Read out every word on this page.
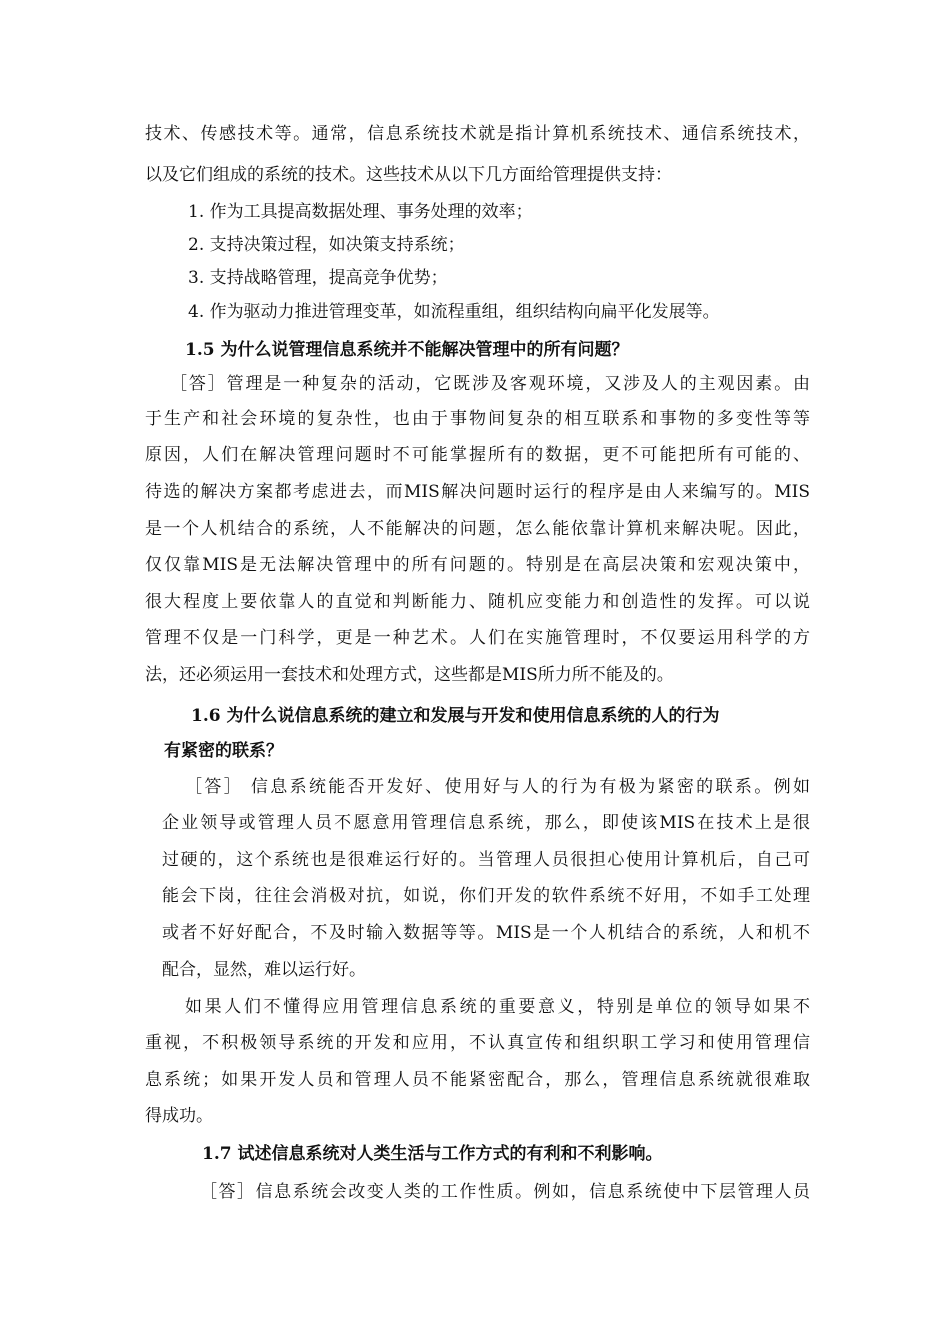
技术、传感技术等。通常，信息系统技术就是指计算机系统技术、通信系统技术，
以及它们组成的系统的技术。这些技术从以下几方面给管理提供支持：
1. 作为工具提高数据处理、事务处理的效率；
2. 支持决策过程，如决策支持系统；
3. 支持战略管理，提高竞争优势；
4. 作为驱动力推进管理变革，如流程重组，组织结构向扁平化发展等。
1.5 为什么说管理信息系统并不能解决管理中的所有问题？
［答］管理是一种复杂的活动，它既涉及客观环境，又涉及人的主观因素。由
于生产和社会环境的复杂性，也由于事物间复杂的相互联系和事物的多变性等等
原因，人们在解决管理问题时不可能掌握所有的数据，更不可能把所有可能的、
待选的解决方案都考虑进去，而MIS解决问题时运行的程序是由人来编写的。MIS
是一个人机结合的系统，人不能解决的问题，怎么能依靠计算机来解决呢。因此，
仅仅靠MIS是无法解决管理中的所有问题的。特别是在高层决策和宏观决策中，
很大程度上要依靠人的直觉和判断能力、随机应变能力和创造性的发挥。可以说
管理不仅是一门科学，更是一种艺术。人们在实施管理时，不仅要运用科学的方
法，还必须运用一套技术和处理方式，这些都是MIS所力所不能及的。
1.6 为什么说信息系统的建立和发展与开发和使用信息系统的人的行为
有紧密的联系？
［答］ 信息系统能否开发好、使用好与人的行为有极为紧密的联系。例如
企业领导或管理人员不愿意用管理信息系统，那么，即使该MIS在技术上是很
过硬的，这个系统也是很难运行好的。当管理人员很担心使用计算机后，自己可
能会下岗，往往会消极对抗，如说，你们开发的软件系统不好用，不如手工处理
或者不好好配合，不及时输入数据等等。MIS是一个人机结合的系统，人和机不
配合，显然，难以运行好。
如果人们不懂得应用管理信息系统的重要意义，特别是单位的领导如果不
重视，不积极领导系统的开发和应用，不认真宣传和组织职工学习和使用管理信
息系统；如果开发人员和管理人员不能紧密配合，那么，管理信息系统就很难取
得成功。
1.7 试述信息系统对人类生活与工作方式的有利和不利影响。
［答］信息系统会改变人类的工作性质。例如，信息系统使中下层管理人员
